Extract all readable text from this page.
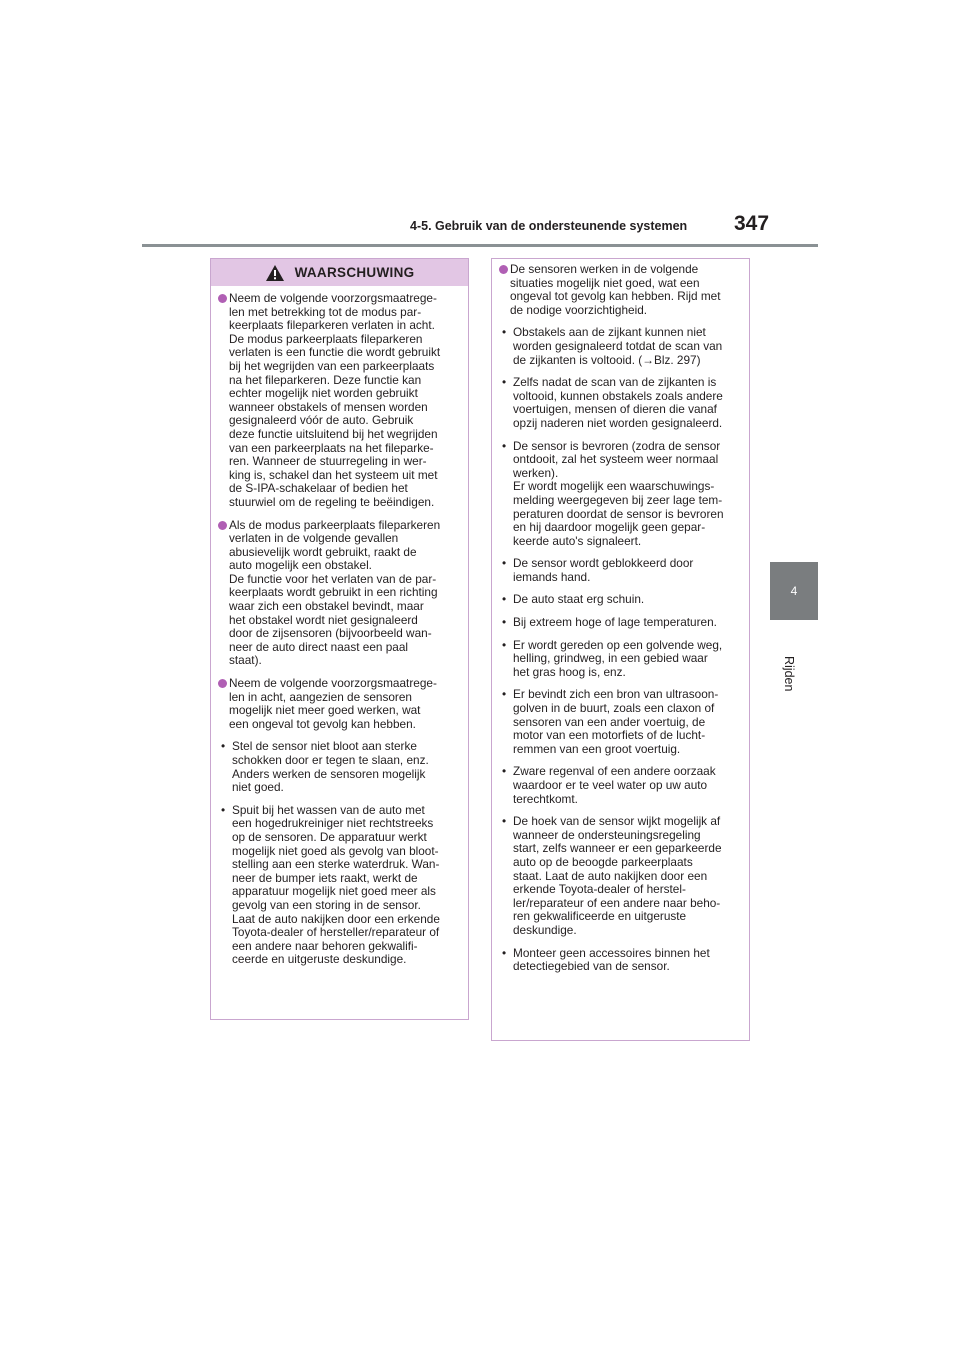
4-5. Gebruik van de ondersteunende systemen 347
4
Rijden
WAARSCHUWING
Neem de volgende voorzorgsmaatrege-
len met betrekking tot de modus par-
keerplaats fileparkeren verlaten in acht.
De modus parkeerplaats fileparkeren
verlaten is een functie die wordt gebruikt
bij het wegrijden van een parkeerplaats
na het fileparkeren. Deze functie kan
echter mogelijk niet worden gebruikt
wanneer obstakels of mensen worden
gesignaleerd vóór de auto. Gebruik
deze functie uitsluitend bij het wegrijden
van een parkeerplaats na het fileparke-
ren. Wanneer de stuurregeling in wer-
king is, schakel dan het systeem uit met
de S-IPA-schakelaar of bedien het
stuurwiel om de regeling te beëindigen.
Als de modus parkeerplaats fileparkeren
verlaten in de volgende gevallen
abusievelijk wordt gebruikt, raakt de
auto mogelijk een obstakel.
De functie voor het verlaten van de par-
keerplaats wordt gebruikt in een richting
waar zich een obstakel bevindt, maar
het obstakel wordt niet gesignaleerd
door de zijsensoren (bijvoorbeeld wan-
neer de auto direct naast een paal
staat).
Neem de volgende voorzorgsmaatrege-
len in acht, aangezien de sensoren
mogelijk niet meer goed werken, wat
een ongeval tot gevolg kan hebben.
• Stel de sensor niet bloot aan sterke
schokken door er tegen te slaan, enz.
Anders werken de sensoren mogelijk
niet goed.
• Spuit bij het wassen van de auto met
een hogedrukreiniger niet rechtstreeks
op de sensoren. De apparatuur werkt
mogelijk niet goed als gevolg van bloot-
stelling aan een sterke waterdruk. Wan-
neer de bumper iets raakt, werkt de
apparatuur mogelijk niet goed meer als
gevolg van een storing in de sensor.
Laat de auto nakijken door een erkende
Toyota-dealer of hersteller/reparateur of
een andere naar behoren gekwalifi-
ceerde en uitgeruste deskundige.
De sensoren werken in de volgende
situaties mogelijk niet goed, wat een
ongeval tot gevolg kan hebben. Rijd met
de nodige voorzichtigheid.
• Obstakels aan de zijkant kunnen niet
worden gesignaleerd totdat de scan van
de zijkanten is voltooid. (→Blz. 297)
• Zelfs nadat de scan van de zijkanten is
voltooid, kunnen obstakels zoals andere
voertuigen, mensen of dieren die vanaf
opzij naderen niet worden gesignaleerd.
• De sensor is bevroren (zodra de sensor
ontdooit, zal het systeem weer normaal
werken).
Er wordt mogelijk een waarschuwings-
melding weergegeven bij zeer lage tem-
peraturen doordat de sensor is bevroren
en hij daardoor mogelijk geen gepar-
keerde auto's signaleert.
• De sensor wordt geblokkeerd door
iemands hand.
• De auto staat erg schuin.
• Bij extreem hoge of lage temperaturen.
• Er wordt gereden op een golvende weg,
helling, grindweg, in een gebied waar
het gras hoog is, enz.
• Er bevindt zich een bron van ultrasoon-
golven in de buurt, zoals een claxon of
sensoren van een ander voertuig, de
motor van een motorfiets of de lucht-
remmen van een groot voertuig.
• Zware regenval of een andere oorzaak
waardoor er te veel water op uw auto
terechtkomt.
• De hoek van de sensor wijkt mogelijk af
wanneer de ondersteuningsregeling
start, zelfs wanneer er een geparkeerde
auto op de beoogde parkeerplaats
staat. Laat de auto nakijken door een
erkende Toyota-dealer of herstel-
ler/reparateur of een andere naar beho-
ren gekwalificeerde en uitgeruste
deskundige.
• Monteer geen accessoires binnen het
detectiegebied van de sensor.
